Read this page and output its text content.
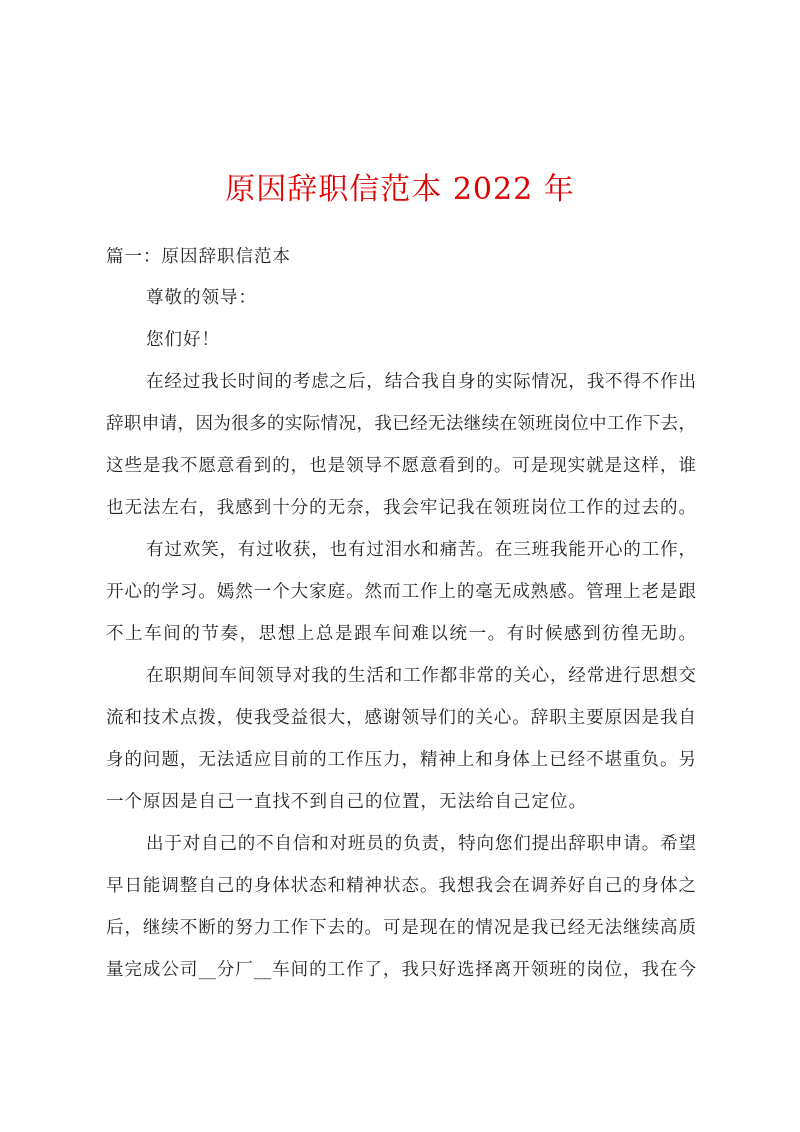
原因辞职信范本 2022 年
篇一：原因辞职信范本
尊敬的领导：
您们好！
在经过我长时间的考虑之后，结合我自身的实际情况，我不得不作出
辞职申请，因为很多的实际情况，我已经无法继续在领班岗位中工作下去，
这些是我不愿意看到的，也是领导不愿意看到的。可是现实就是这样，谁
也无法左右，我感到十分的无奈，我会牢记我在领班岗位工作的过去的。
有过欢笑，有过收获，也有过泪水和痛苦。在三班我能开心的工作，
开心的学习。嫣然一个大家庭。然而工作上的毫无成熟感。管理上老是跟
不上车间的节奏，思想上总是跟车间难以统一。有时候感到彷徨无助。
在职期间车间领导对我的生活和工作都非常的关心，经常进行思想交
流和技术点拨，使我受益很大，感谢领导们的关心。辞职主要原因是我自
身的问题，无法适应目前的工作压力，精神上和身体上已经不堪重负。另
一个原因是自己一直找不到自己的位置，无法给自己定位。
出于对自己的不自信和对班员的负责，特向您们提出辞职申请。希望
早日能调整自己的身体状态和精神状态。我想我会在调养好自己的身体之
后，继续不断的努力工作下去的。可是现在的情况是我已经无法继续高质
量完成公司__分厂__车间的工作了，我只好选择离开领班的岗位，我在今
